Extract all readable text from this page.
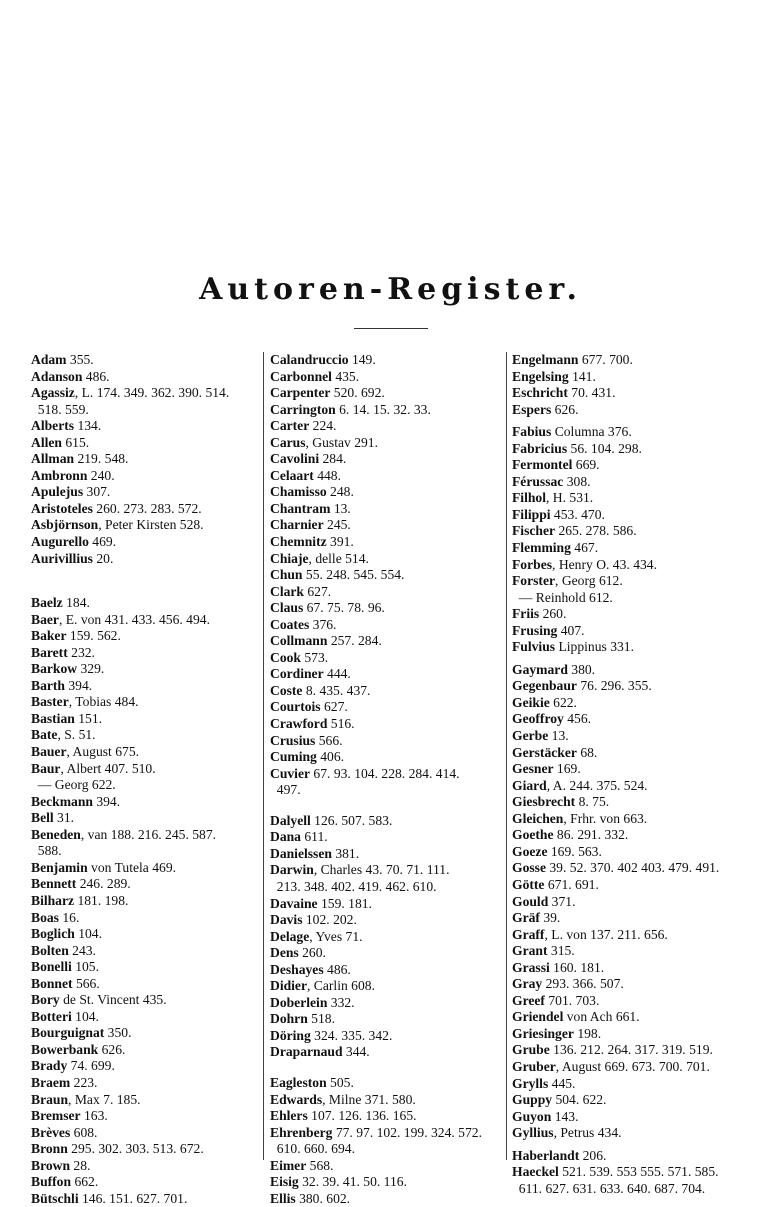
Autoren-Register.
Adam 355.
Adanson 486.
Agassiz, L. 174. 349. 362. 390. 514.
518. 559.
Alberts 134.
Allen 615.
Allman 219. 548.
Ambronn 240.
Apulejus 307.
Aristoteles 260. 273. 283. 572.
Asbjörnson, Peter Kirsten 528.
Augurello 469.
Aurivillius 20.
Baelz 184.
Baer, E. von 431. 433. 456. 494.
Baker 159. 562.
Barett 232.
Barkow 329.
Barth 394.
Baster, Tobias 484.
Bastian 151.
Bate, S. 51.
Bauer, August 675.
Baur, Albert 407. 510.
— Georg 622.
Beckmann 394.
Bell 31.
Beneden, van 188. 216. 245. 587.
588.
Benjamin von Tutela 469.
Bennett 246. 289.
Bilharz 181. 198.
Boas 16.
Boglich 104.
Bolten 243.
Bonelli 105.
Bonnet 566.
Bory de St. Vincent 435.
Botteri 104.
Bourguignat 350.
Bowerbank 626.
Brady 74. 699.
Braem 223.
Braun, Max 7. 185.
Bremser 163.
Brèves 608.
Bronn 295. 302. 303. 513. 672.
Brown 28.
Buffon 662.
Bütschli 146. 151. 627. 701.
Calandruccio 149.
Carbonnel 435.
Carpenter 520. 692.
Carrington 6. 14. 15. 32. 33.
Carter 224.
Carus, Gustav 291.
Cavolini 284.
Celaart 448.
Chamisso 248.
Chantram 13.
Charnier 245.
Chemnitz 391.
Chiaje, delle 514.
Chun 55. 248. 545. 554.
Clark 627.
Claus 67. 75. 78. 96.
Coates 376.
Collmann 257. 284.
Cook 573.
Cordiner 444.
Coste 8. 435. 437.
Courtois 627.
Crawford 516.
Crusius 566.
Cuming 406.
Cuvier 67. 93. 104. 228. 284. 414.
497.
Dalyell 126. 507. 583.
Dana 611.
Danielssen 381.
Darwin, Charles 43. 70. 71. 111.
213. 348. 402. 419. 462. 610.
Davaine 159. 181.
Davis 102. 202.
Delage, Yves 71.
Dens 260.
Deshayes 486.
Didier, Carlin 608.
Doberlein 332.
Dohrn 518.
Döring 324. 335. 342.
Draparnaud 344.
Eagleston 505.
Edwards, Milne 371. 580.
Ehlers 107. 126. 136. 165.
Ehrenberg 77. 97. 102. 199. 324. 572.
610. 660. 694.
Eimer 568.
Eisig 32. 39. 41. 50. 116.
Ellis 380. 602.
Engelmann 677. 700.
Engelsing 141.
Eschricht 70. 431.
Espers 626.
Fabius Columna 376.
Fabricius 56. 104. 298.
Fermontel 669.
Férussac 308.
Filhol, H. 531.
Filippi 453. 470.
Fischer 265. 278. 586.
Flemming 467.
Forbes, Henry O. 43. 434.
Forster, Georg 612.
— Reinhold 612.
Friis 260.
Frusing 407.
Fulvius Lippinus 331.
Gaymard 380.
Gegenbaur 76. 296. 355.
Geikie 622.
Geoffroy 456.
Gerbe 13.
Gerstäcker 68.
Gesner 169.
Giard, A. 244. 375. 524.
Giesbrecht 8. 75.
Gleichen, Frhr. von 663.
Goethe 86. 291. 332.
Goeze 169. 563.
Gosse 39. 52. 370. 402 403. 479. 491.
Götte 671. 691.
Gould 371.
Gräf 39.
Graff, L. von 137. 211. 656.
Grant 315.
Grassi 160. 181.
Gray 293. 366. 507.
Greef 701. 703.
Griendel von Ach 661.
Griesinger 198.
Grube 136. 212. 264. 317. 319. 519.
Gruber, August 669. 673. 700. 701.
Grylls 445.
Guppy 504. 622.
Guyon 143.
Gyllius, Petrus 434.
Haberlandt 206.
Haeckel 521. 539. 553 555. 571. 585.
611. 627. 631. 633. 640. 687. 704.
